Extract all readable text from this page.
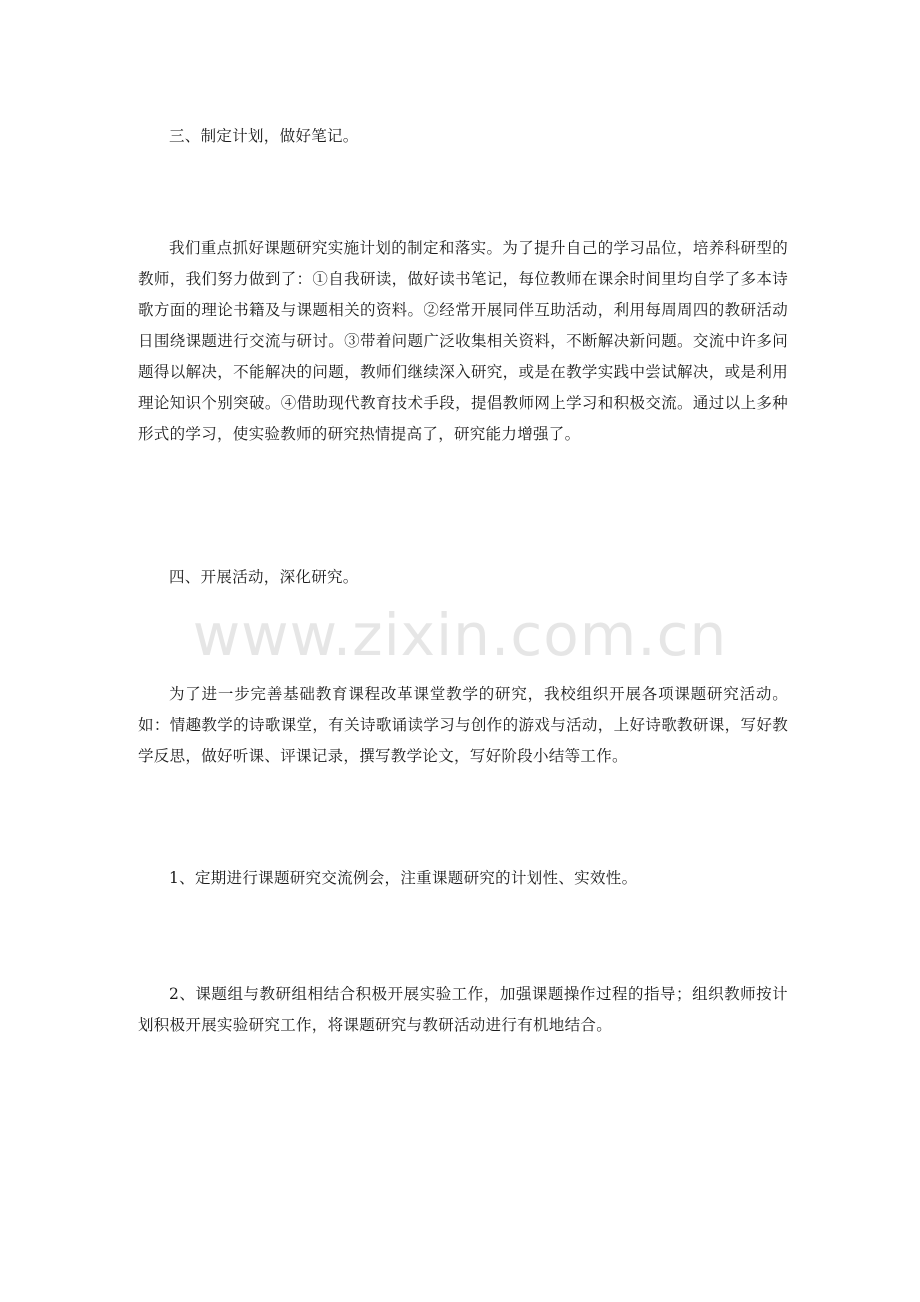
三、制定计划，做好笔记。

我们重点抓好课题研究实施计划的制定和落实。为了提升自己的学习品位，培养科研型的教师，我们努力做到了：①自我研读，做好读书笔记，每位教师在课余时间里均自学了多本诗歌方面的理论书籍及与课题相关的资料。②经常开展同伴互助活动，利用每周周四的教研活动日围绕课题进行交流与研讨。③带着问题广泛收集相关资料，不断解决新问题。交流中许多问题得以解决，不能解决的问题，教师们继续深入研究，或是在教学实践中尝试解决，或是利用理论知识个别突破。④借助现代教育技术手段，提倡教师网上学习和积极交流。通过以上多种形式的学习，使实验教师的研究热情提高了，研究能力增强了。

四、开展活动，深化研究。

www.zixin.com.cn

为了进一步完善基础教育课程改革课堂教学的研究，我校组织开展各项课题研究活动。如：情趣教学的诗歌课堂，有关诗歌诵读学习与创作的游戏与活动，上好诗歌教研课，写好教学反思，做好听课、评课记录，撰写教学论文，写好阶段小结等工作。

1、定期进行课题研究交流例会，注重课题研究的计划性、实效性。

2、课题组与教研组相结合积极开展实验工作，加强课题操作过程的指导；组织教师按计划积极开展实验研究工作，将课题研究与教研活动进行有机地结合。
